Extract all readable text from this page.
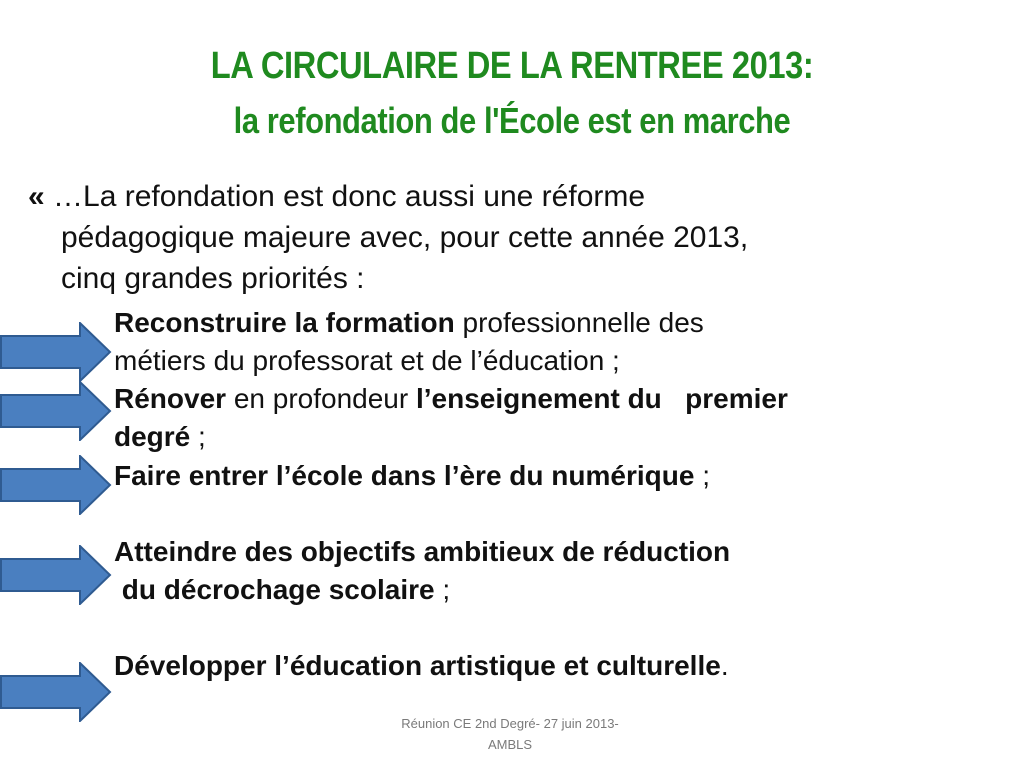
LA CIRCULAIRE DE LA RENTREE 2013:
la refondation de l'École est en marche
« …La refondation est donc aussi une réforme
pédagogique majeure avec, pour cette année 2013,
cinq grandes priorités :
Reconstruire la formation professionnelle des
métiers du professorat et de l’éducation ;
Rénover en profondeur l’enseignement du   premier
degré ;
Faire entrer l’école dans l’ère du numérique ;
Atteindre des objectifs ambitieux de réduction
du décrochage scolaire ;
Développer l’éducation artistique et culturelle.
Réunion CE 2nd Degré- 27 juin 2013-
AMBLS
